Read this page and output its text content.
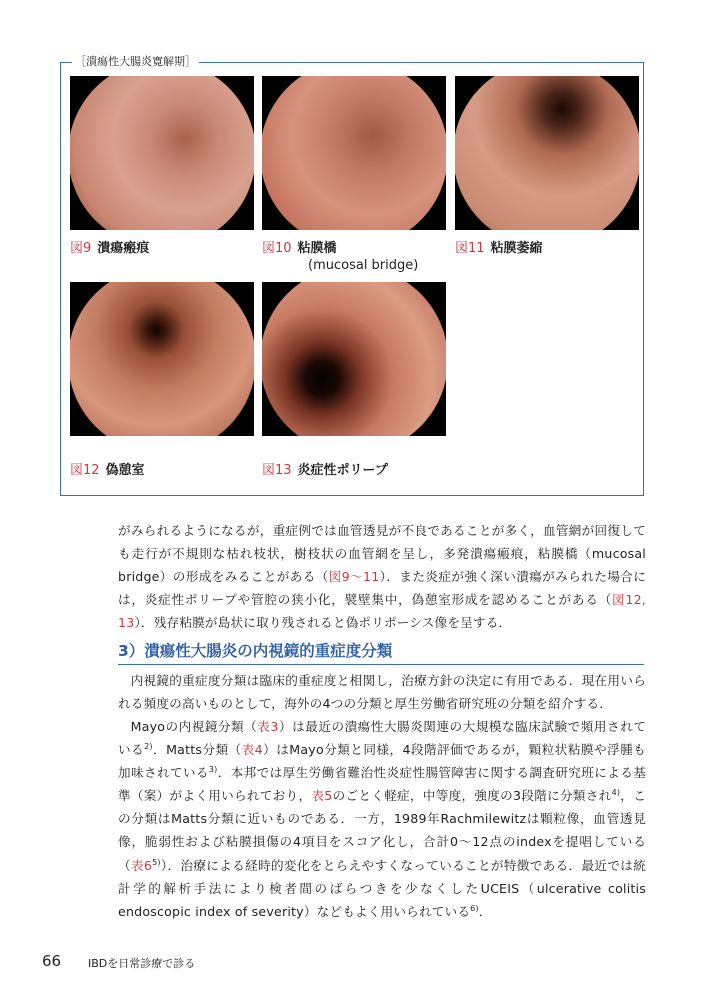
［潰瘍性大腸炎寛解期］
図9 潰瘍瘢痕	図10 粘膜橋
(mucosal bridge)
図11 粘膜萎縮
図12 偽憩室	図13 炎症性ポリープ

がみられるようになるが，重症例では血管透見が不良であることが多く，血管網が回復しても走行が不規則な枯れ枝状，樹枝状の血管網を呈し，多発潰瘍瘢痕，粘膜橋（mucosal bridge）の形成をみることがある（図9〜11）．また炎症が強く深い潰瘍がみられた場合には，炎症性ポリープや管腔の狭小化，襞壁集中，偽憩室形成を認めることがある（図12, 13）．残存粘膜が島状に取り残されると偽ポリポーシス像を呈する．

3）潰瘍性大腸炎の内視鏡的重症度分類

内視鏡的重症度分類は臨床的重症度と相関し，治療方針の決定に有用である．現在用いられる頻度の高いものとして，海外の4つの分類と厚生労働省研究班の分類を紹介する．

Mayoの内視鏡分類（表3）は最近の潰瘍性大腸炎関連の大規模な臨床試験で頻用されている$^{2)}$．Matts分類（表4）はMayo分類と同様，4段階評価であるが，顆粒状粘膜や浮腫も加味されている$^{3)}$．本邦では厚生労働省難治性炎症性腸管障害に関する調査研究班による基準（案）がよく用いられており，表5のごとく軽症，中等度，強度の3段階に分類され$^{4)}$，この分類はMatts分類に近いものである．一方，1989年Rachmilewitzは顆粒像，血管透見像，脆弱性および粘膜損傷の4項目をスコア化し，合計0〜12点のindexを提唱している（表6$^{5)}$）．治療による経時的変化をとらえやすくなっていることが特徴である．最近では統計学的解析手法により検者間のばらつきを少なくしたUCEIS（ulcerative colitis endoscopic index of severity）などもよく用いられている$^{6)}$．

66 IBDを日常診療で診る
